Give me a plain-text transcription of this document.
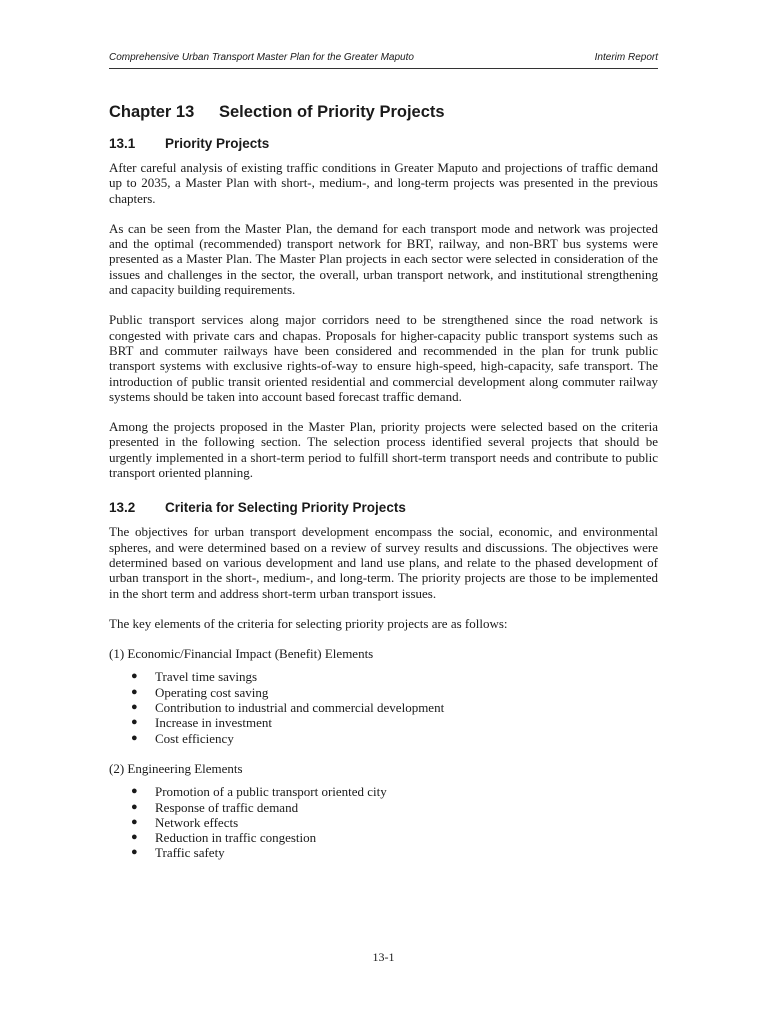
Comprehensive Urban Transport Master Plan for the Greater Maputo	Interim Report
Chapter 13 Selection of Priority Projects
13.1 Priority Projects

After careful analysis of existing traffic conditions in Greater Maputo and projections of traffic demand up to 2035, a Master Plan with short-, medium-, and long-term projects was presented in the previous chapters.

As can be seen from the Master Plan, the demand for each transport mode and network was projected and the optimal (recommended) transport network for BRT, railway, and non-BRT bus systems were presented as a Master Plan. The Master Plan projects in each sector were selected in consideration of the issues and challenges in the sector, the overall, urban transport network, and institutional strengthening and capacity building requirements.

Public transport services along major corridors need to be strengthened since the road network is congested with private cars and chapas. Proposals for higher-capacity public transport systems such as BRT and commuter railways have been considered and recommended in the plan for trunk public transport systems with exclusive rights-of-way to ensure high-speed, high-capacity, safe transport. The introduction of public transit oriented residential and commercial development along commuter railway systems should be taken into account based forecast traffic demand.

Among the projects proposed in the Master Plan, priority projects were selected based on the criteria presented in the following section. The selection process identified several projects that should be urgently implemented in a short-term period to fulfill short-term transport needs and contribute to public transport oriented planning.

13.2 Criteria for Selecting Priority Projects

The objectives for urban transport development encompass the social, economic, and environmental spheres, and were determined based on a review of survey results and discussions. The objectives were determined based on various development and land use plans, and relate to the phased development of urban transport in the short-, medium-, and long-term. The priority projects are those to be implemented in the short term and address short-term urban transport issues.

The key elements of the criteria for selecting priority projects are as follows:

(1) Economic/Financial Impact (Benefit) Elements

● Travel time savings
● Operating cost saving
● Contribution to industrial and commercial development
● Increase in investment
● Cost efficiency

(2) Engineering Elements

● Promotion of a public transport oriented city
● Response of traffic demand
● Network effects
● Reduction in traffic congestion
● Traffic safety
13-1
